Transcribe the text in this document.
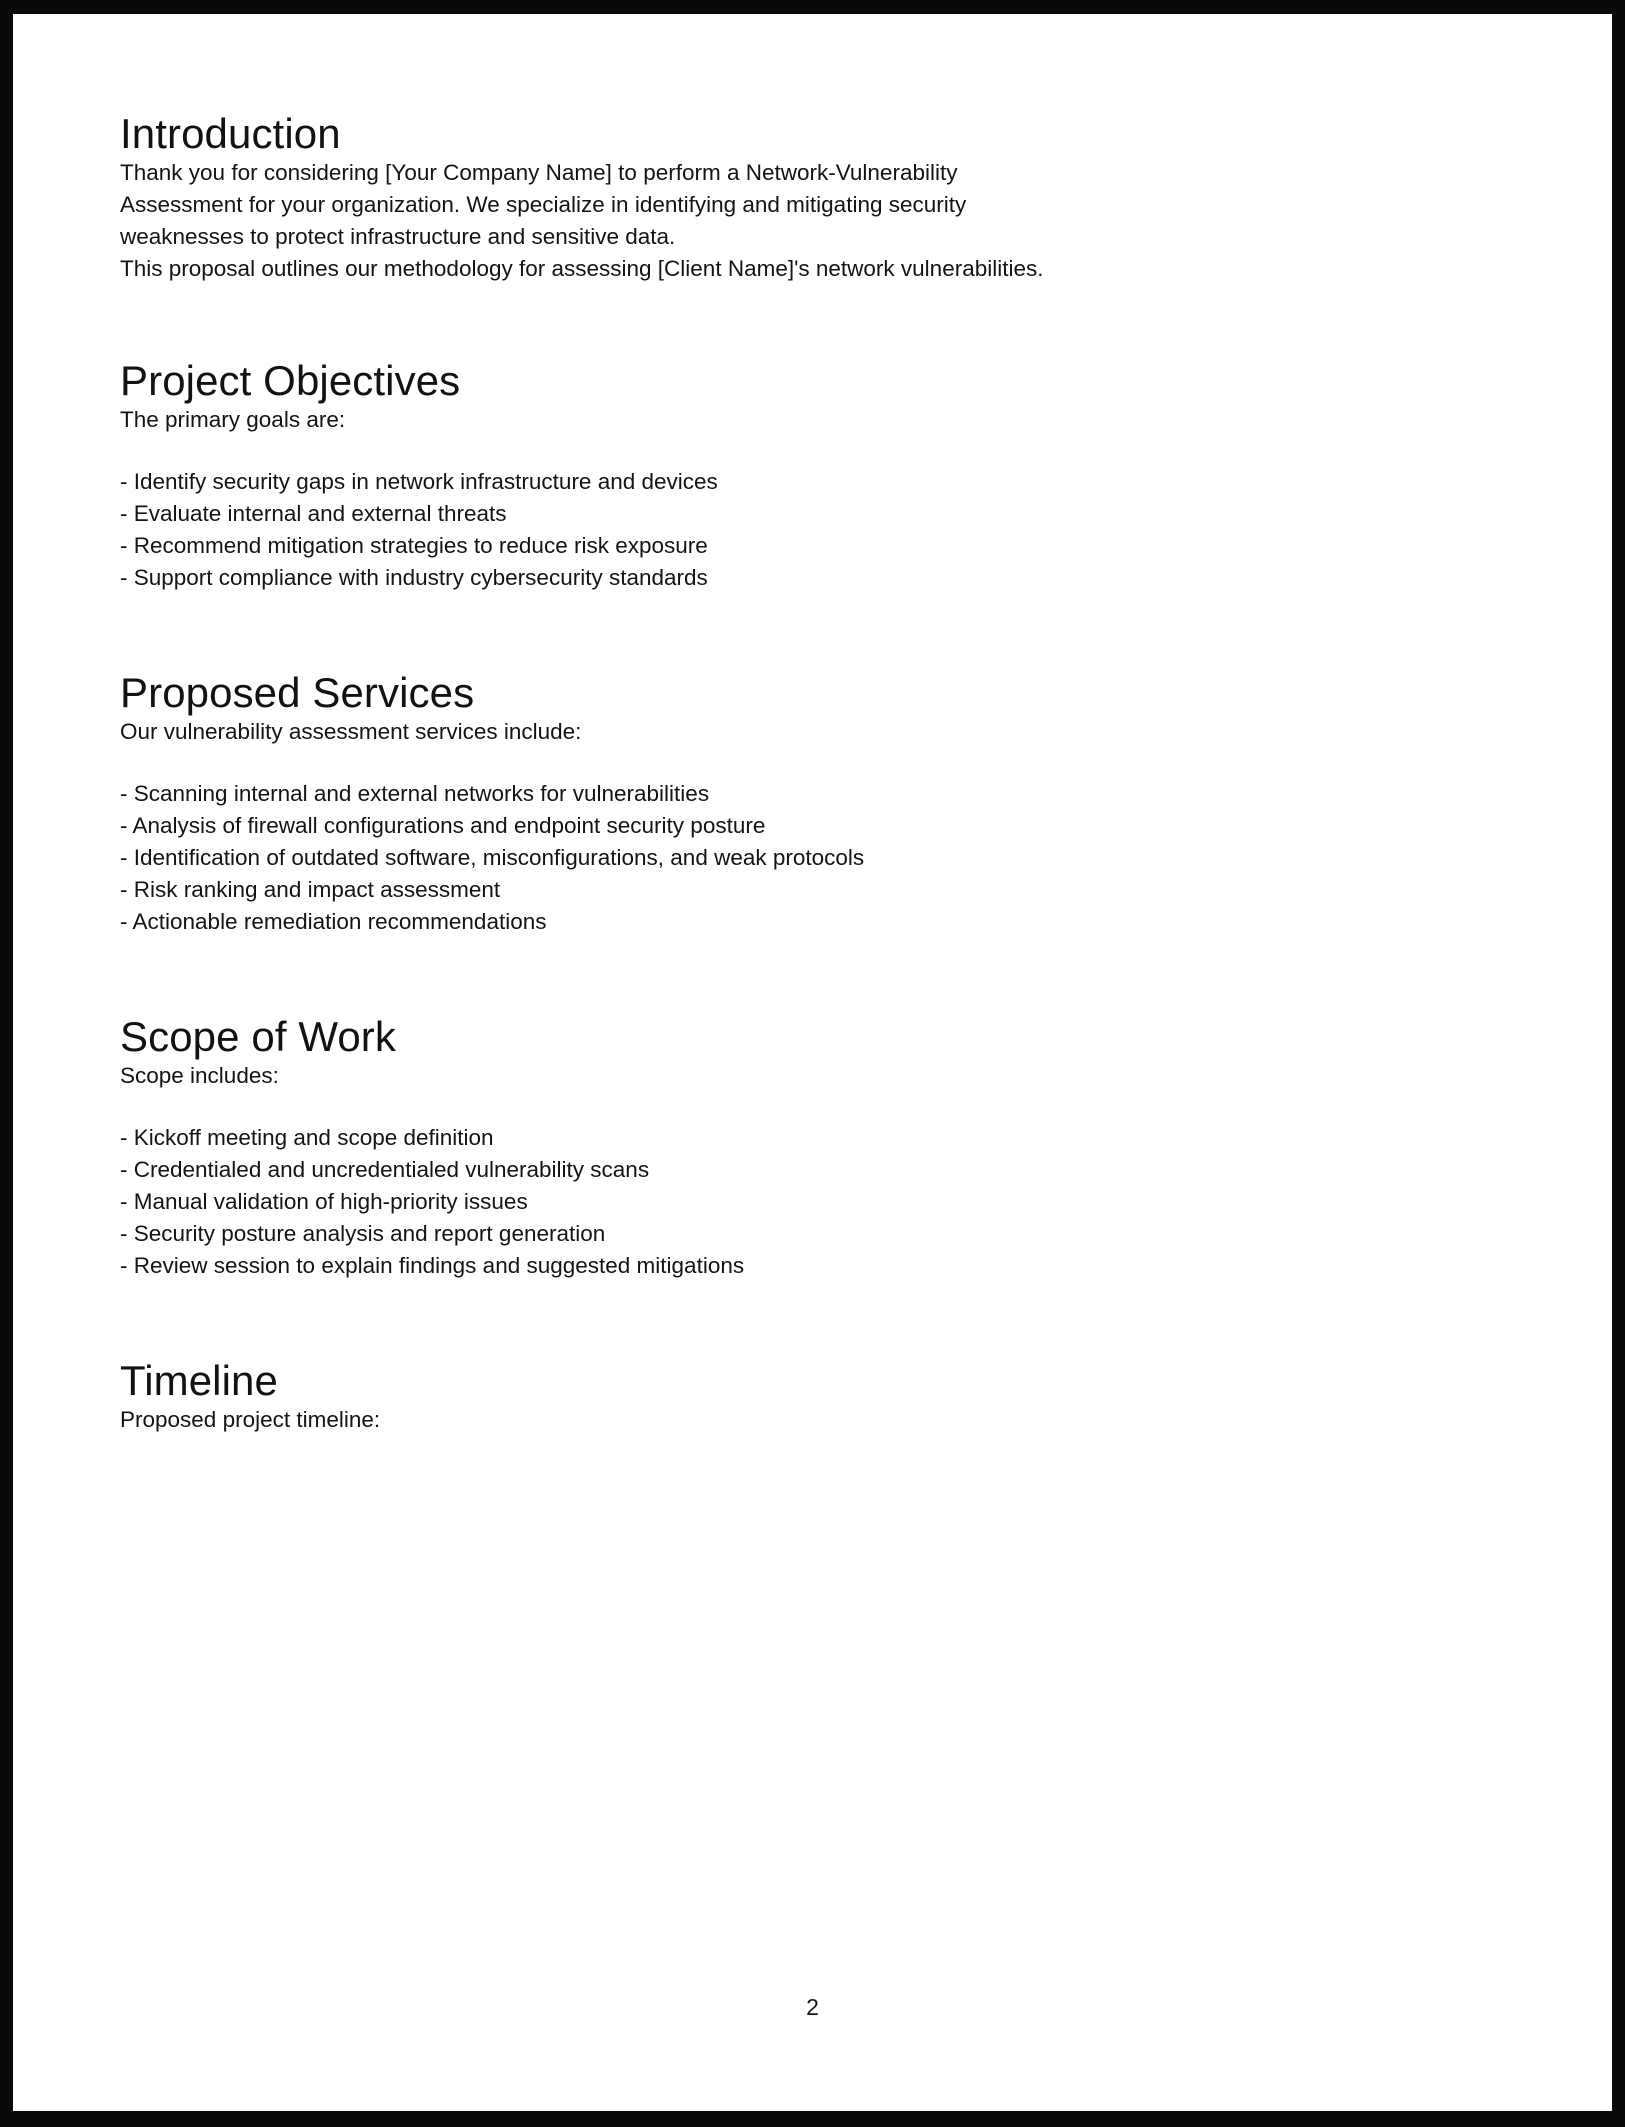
Introduction

Thank you for considering [Your Company Name] to perform a Network-Vulnerability Assessment for your organization. We specialize in identifying and mitigating security weaknesses to protect infrastructure and sensitive data.

This proposal outlines our methodology for assessing [Client Name]'s network vulnerabilities.

Project Objectives

The primary goals are:

- Identify security gaps in network infrastructure and devices
- Evaluate internal and external threats
- Recommend mitigation strategies to reduce risk exposure
- Support compliance with industry cybersecurity standards
Proposed Services

Our vulnerability assessment services include:

- Scanning internal and external networks for vulnerabilities
- Analysis of firewall configurations and endpoint security posture
- Identification of outdated software, misconfigurations, and weak protocols
- Risk ranking and impact assessment
- Actionable remediation recommendations
Scope of Work

Scope includes:

- Kickoff meeting and scope definition
- Credentialed and uncredentialed vulnerability scans
- Manual validation of high-priority issues
- Security posture analysis and report generation
- Review session to explain findings and suggested mitigations
Timeline

Proposed project timeline:

2
